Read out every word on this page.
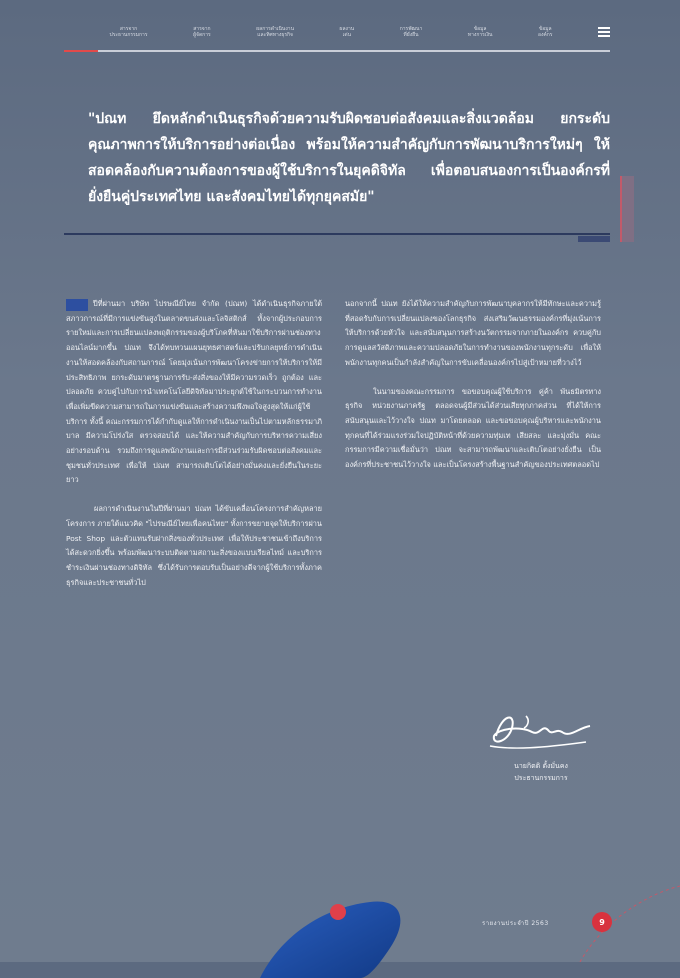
สารจาก
ประธานกรรมการ
สารจาก
ผู้จัดการ
ผลการดำเนินงาน
และทิศทางธุรกิจ
ผลงาน
เด่น
การพัฒนา
ที่ยั่งยืน
ข้อมูล
ทางการเงิน
ข้อมูล
องค์กร
"ปณท ยึดหลักดำเนินธุรกิจด้วยความรับผิดชอบต่อสังคมและสิ่งแวดล้อม ยกระดับคุณภาพการให้บริการอย่างต่อเนื่อง พร้อมให้ความสำคัญกับการพัฒนาบริการใหม่ๆ ให้สอดคล้องกับความต้องการของผู้ใช้บริการในยุคดิจิทัล เพื่อตอบสนองการเป็นองค์กรที่ยั่งยืนคู่ประเทศไทย และสังคมไทยได้ทุกยุคสมัย"

ปีที่ผ่านมา บริษัท ไปรษณีย์ไทย จำกัด (ปณท) ได้ดำเนินธุรกิจภายใต้สภาวการณ์ที่มีการแข่งขันสูงในตลาดขนส่งและโลจิสติกส์ ทั้งจากผู้ประกอบการรายใหม่และการเปลี่ยนแปลงพฤติกรรมของผู้บริโภคที่หันมาใช้บริการผ่านช่องทางออนไลน์มากขึ้น ปณท จึงได้ทบทวนแผนยุทธศาสตร์และปรับกลยุทธ์การดำเนินงานให้สอดคล้องกับสถานการณ์ โดยมุ่งเน้นการพัฒนาโครงข่ายการให้บริการให้มีประสิทธิภาพ ยกระดับมาตรฐานการรับ-ส่งสิ่งของให้มีความรวดเร็ว ถูกต้อง และปลอดภัย ควบคู่ไปกับการนำเทคโนโลยีดิจิทัลมาประยุกต์ใช้ในกระบวนการทำงาน เพื่อเพิ่มขีดความสามารถในการแข่งขันและสร้างความพึงพอใจสูงสุดให้แก่ผู้ใช้บริการ ทั้งนี้ คณะกรรมการได้กำกับดูแลให้การดำเนินงานเป็นไปตามหลักธรรมาภิบาล มีความโปร่งใส ตรวจสอบได้ และให้ความสำคัญกับการบริหารความเสี่ยงอย่างรอบด้าน รวมถึงการดูแลพนักงานและการมีส่วนร่วมรับผิดชอบต่อสังคมและชุมชนทั่วประเทศ เพื่อให้ ปณท สามารถเติบโตได้อย่างมั่นคงและยั่งยืนในระยะยาว

ผลการดำเนินงานในปีที่ผ่านมา ปณท ได้ขับเคลื่อนโครงการสำคัญหลายโครงการ ภายใต้แนวคิด "ไปรษณีย์ไทยเพื่อคนไทย" ทั้งการขยายจุดให้บริการผ่าน Post Shop และตัวแทนรับฝากสิ่งของทั่วประเทศ เพื่อให้ประชาชนเข้าถึงบริการได้สะดวกยิ่งขึ้น พร้อมพัฒนาระบบติดตามสถานะสิ่งของแบบเรียลไทม์ และบริการชำระเงินผ่านช่องทางดิจิทัล ซึ่งได้รับการตอบรับเป็นอย่างดีจากผู้ใช้บริการทั้งภาคธุรกิจและประชาชนทั่วไป

นอกจากนี้ ปณท ยังได้ให้ความสำคัญกับการพัฒนาบุคลากรให้มีทักษะและความรู้ที่สอดรับกับการเปลี่ยนแปลงของโลกธุรกิจ ส่งเสริมวัฒนธรรมองค์กรที่มุ่งเน้นการให้บริการด้วยหัวใจ และสนับสนุนการสร้างนวัตกรรมจากภายในองค์กร ควบคู่กับการดูแลสวัสดิภาพและความปลอดภัยในการทำงานของพนักงานทุกระดับ เพื่อให้พนักงานทุกคนเป็นกำลังสำคัญในการขับเคลื่อนองค์กรไปสู่เป้าหมายที่วางไว้

ในนามของคณะกรรมการ ขอขอบคุณผู้ใช้บริการ คู่ค้า พันธมิตรทางธุรกิจ หน่วยงานภาครัฐ ตลอดจนผู้มีส่วนได้ส่วนเสียทุกภาคส่วน ที่ได้ให้การสนับสนุนและไว้วางใจ ปณท มาโดยตลอด และขอขอบคุณผู้บริหารและพนักงานทุกคนที่ได้ร่วมแรงร่วมใจปฏิบัติหน้าที่ด้วยความทุ่มเท เสียสละ และมุ่งมั่น คณะกรรมการมีความเชื่อมั่นว่า ปณท จะสามารถพัฒนาและเติบโตอย่างยั่งยืน เป็นองค์กรที่ประชาชนไว้วางใจ และเป็นโครงสร้างพื้นฐานสำคัญของประเทศตลอดไป

นายกิตติ ตั้งมั่นคง
ประธานกรรมการ
รายงานประจำปี 2563	9
